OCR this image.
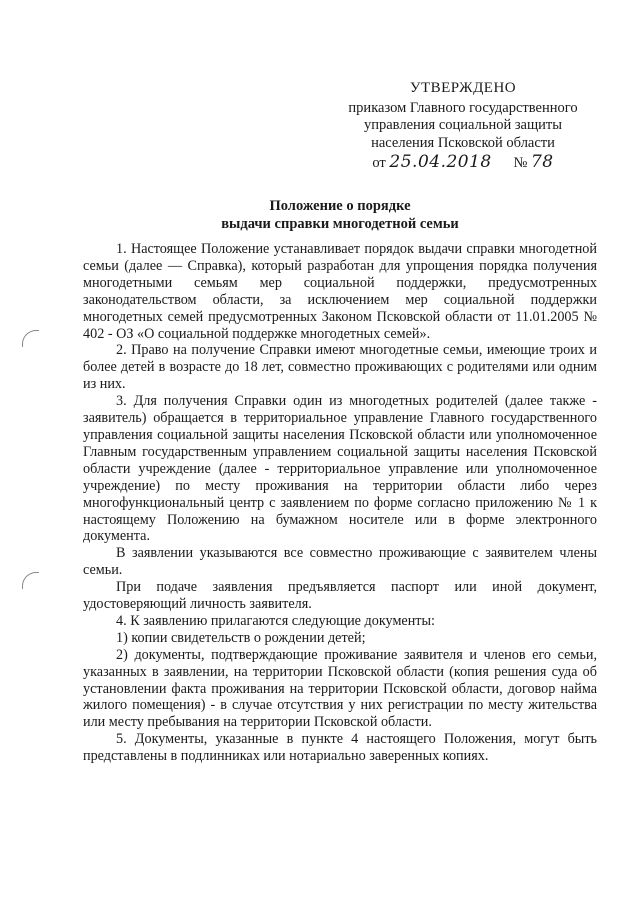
УТВЕРЖДЕНО
приказом Главного государственного
управления социальной защиты
населения Псковской области
от 25.04.2018 № 78
Положение о порядке
выдачи справки многодетной семьи

1. Настоящее Положение устанавливает порядок выдачи справки многодетной семьи (далее — Справка), который разработан для упрощения порядка получения многодетными семьям мер социальной поддержки, предусмотренных законодательством области, за исключением мер социальной поддержки многодетных семей предусмотренных Законом Псковской области от 11.01.2005 № 402 - ОЗ «О социальной поддержке многодетных семей».

2. Право на получение Справки имеют многодетные семьи, имеющие троих и более детей в возрасте до 18 лет, совместно проживающих с родителями или одним из них.

3. Для получения Справки один из многодетных родителей (далее также - заявитель) обращается в территориальное управление Главного государственного управления социальной защиты населения Псковской области или уполномоченное Главным государственным управлением социальной защиты населения Псковской области учреждение (далее - территориальное управление или уполномоченное учреждение) по месту проживания на территории области либо через многофункциональный центр с заявлением по форме согласно приложению № 1 к настоящему Положению на бумажном носителе или в форме электронного документа.

В заявлении указываются все совместно проживающие с заявителем члены семьи.

При подаче заявления предъявляется паспорт или иной документ, удостоверяющий личность заявителя.

4. К заявлению прилагаются следующие документы:

1) копии свидетельств о рождении детей;

2) документы, подтверждающие проживание заявителя и членов его семьи, указанных в заявлении, на территории Псковской области (копия решения суда об установлении факта проживания на территории Псковской области, договор найма жилого помещения) - в случае отсутствия у них регистрации по месту жительства или месту пребывания на территории Псковской области.

5. Документы, указанные в пункте 4 настоящего Положения, могут быть представлены в подлинниках или нотариально заверенных копиях.
